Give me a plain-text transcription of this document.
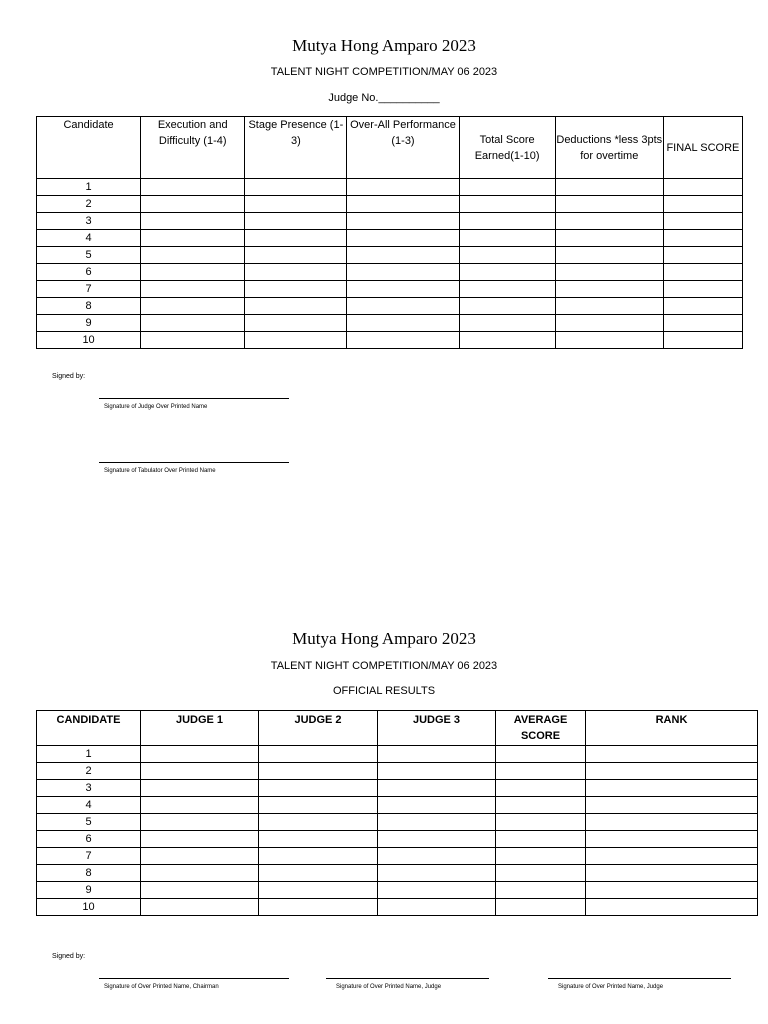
Mutya Hong Amparo 2023
TALENT NIGHT COMPETITION/MAY 06 2023
Judge No.__________
Candidate	Execution and Difficulty (1-4)	Stage Presence (1-3)	Over-All Performance (1-3)	Total Score Earned(1-10)	Deductions *less 3pts for overtime	FINAL SCORE
1						
2						
3						
4						
5						
6						
7						
8						
9						
10						
Signed by:
Signature of Judge Over Printed Name
Signature of Tabulator Over Printed Name
Mutya Hong Amparo 2023
TALENT NIGHT COMPETITION/MAY 06 2023
OFFICIAL RESULTS
CANDIDATE	JUDGE 1	JUDGE 2	JUDGE 3	AVERAGE SCORE	RANK
1					
2					
3					
4					
5					
6					
7					
8					
9					
10					
Signed by:
Signature of Over Printed Name, Chairman	Signature of Over Printed Name, Judge	Signature of Over Printed Name, Judge
